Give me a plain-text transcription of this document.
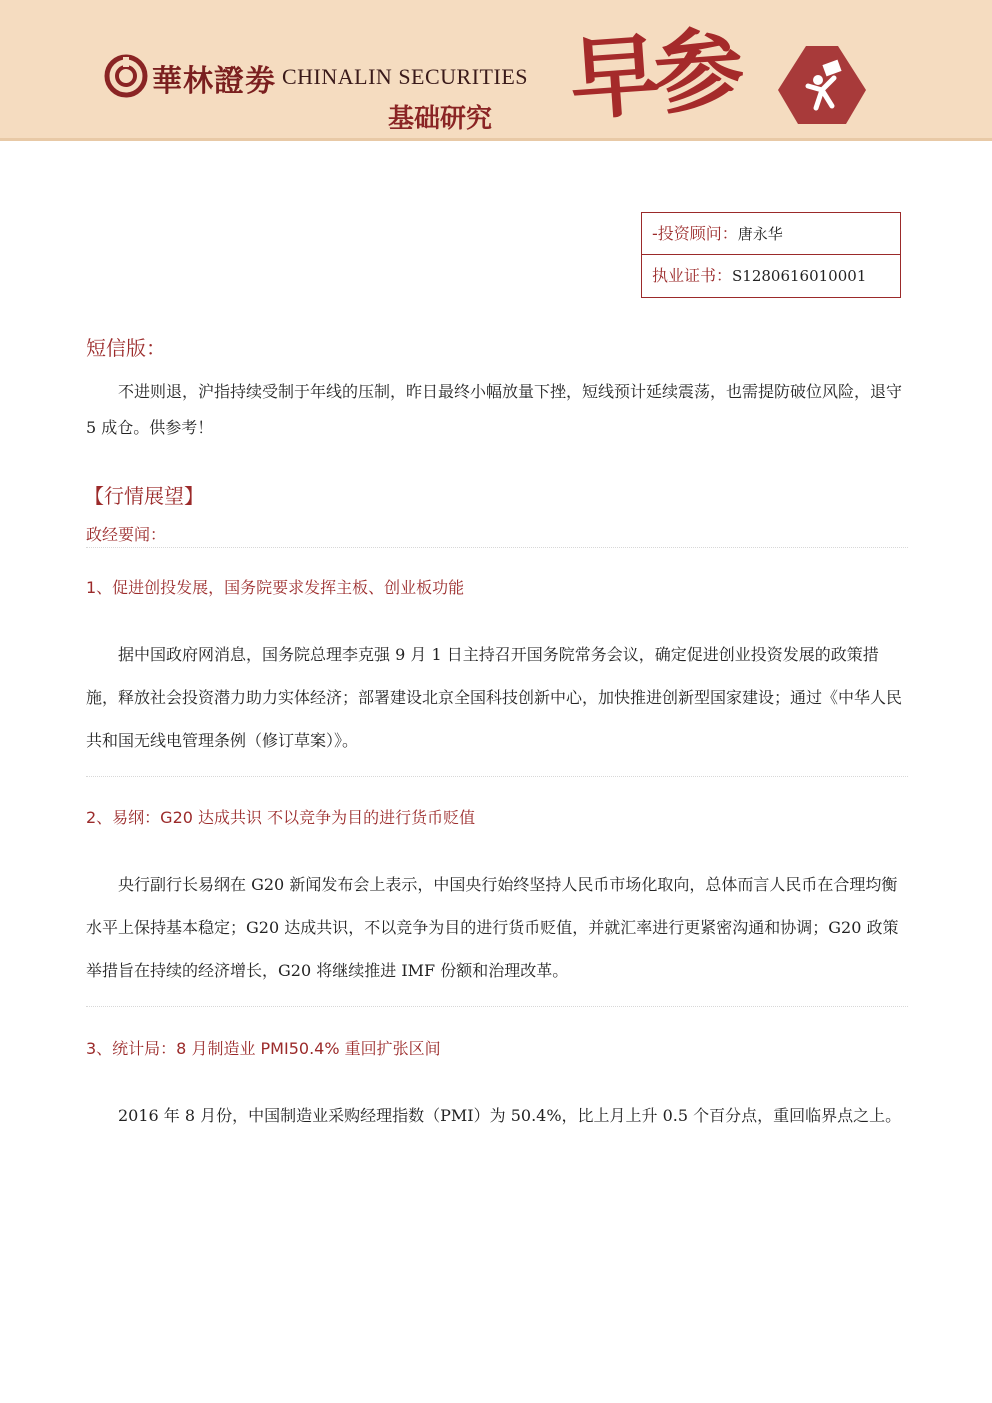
華林證劵 CHINALIN SECURITIES
基础研究 早参
-投资顾问：唐永华
执业证书：S1280616010001
短信版：
不进则退，沪指持续受制于年线的压制，昨日最终小幅放量下挫，短线预计延续震荡，也需提防破位风险，退守 5 成仓。供参考！
【行情展望】
政经要闻：
1、促进创投发展，国务院要求发挥主板、创业板功能
据中国政府网消息，国务院总理李克强 9 月 1 日主持召开国务院常务会议，确定促进创业投资发展的政策措施，释放社会投资潜力助力实体经济；部署建设北京全国科技创新中心，加快推进创新型国家建设；通过《中华人民共和国无线电管理条例（修订草案）》。
2、易纲：G20 达成共识 不以竞争为目的进行货币贬值
央行副行长易纲在 G20 新闻发布会上表示，中国央行始终坚持人民币市场化取向，总体而言人民币在合理均衡水平上保持基本稳定；G20 达成共识，不以竞争为目的进行货币贬值，并就汇率进行更紧密沟通和协调；G20 政策举措旨在持续的经济增长，G20 将继续推进 IMF 份额和治理改革。
3、统计局：8 月制造业 PMI50.4% 重回扩张区间
2016 年 8 月份，中国制造业采购经理指数（PMI）为 50.4%，比上月上升 0.5 个百分点，重回临界点之上。
